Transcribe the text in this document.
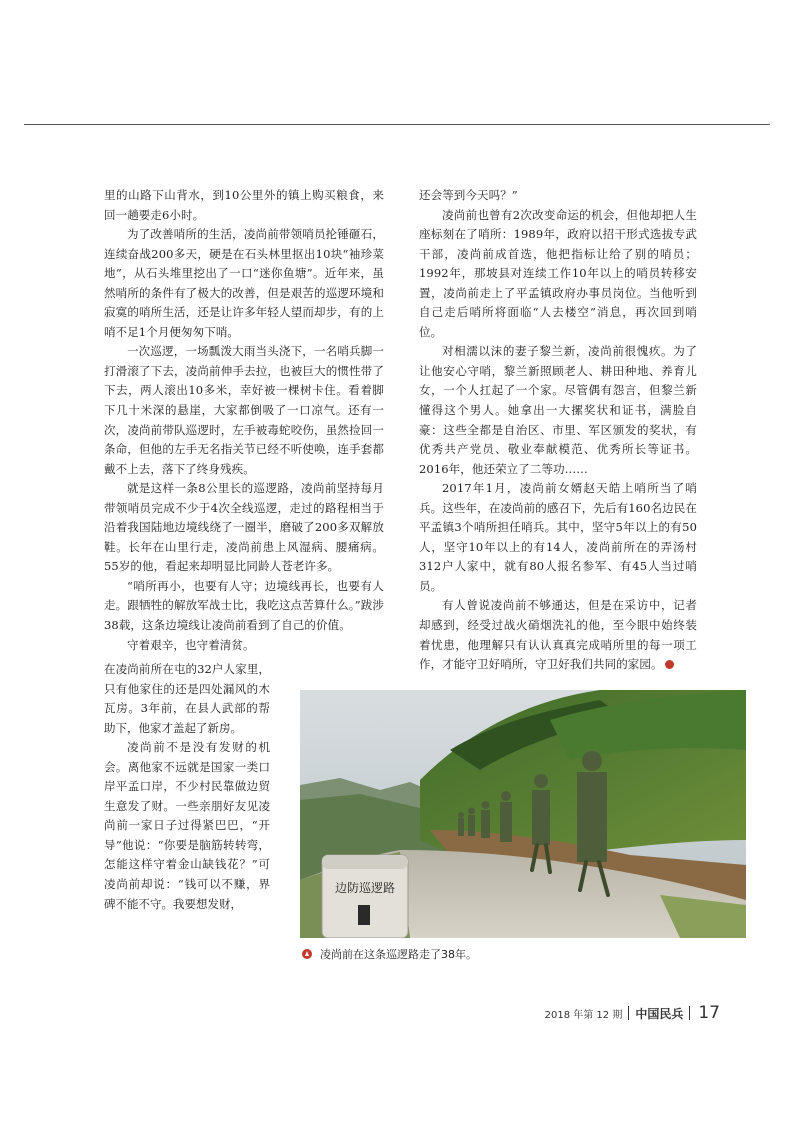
里的山路下山背水，到10公里外的镇上购买粮食，来回一趟要走6小时。

为了改善哨所的生活，凌尚前带领哨员抡锤砸石，连续奋战200多天，硬是在石头林里抠出10块“袖珍菜地”，从石头堆里挖出了一口“迷你鱼塘”。近年来，虽然哨所的条件有了极大的改善，但是艰苦的巡逻环境和寂寞的哨所生活，还是让许多年轻人望而却步，有的上哨不足1个月便匆匆下哨。

一次巡逻，一场瓢泼大雨当头浇下，一名哨兵脚一打滑滚了下去，凌尚前伸手去拉，也被巨大的惯性带了下去，两人滚出10多米，幸好被一棵树卡住。看着脚下几十米深的悬崖，大家都倒吸了一口凉气。还有一次，凌尚前带队巡逻时，左手被毒蛇咬伤，虽然捡回一条命，但他的左手无名指关节已经不听使唤，连手套都戴不上去，落下了终身残疾。

就是这样一条8公里长的巡逻路，凌尚前坚持每月带领哨员完成不少于4次全线巡逻，走过的路程相当于沿着我国陆地边境线绕了一圈半，磨破了200多双解放鞋。长年在山里行走，凌尚前患上风湿病、腰痛病。55岁的他，看起来却明显比同龄人苍老许多。

“哨所再小，也要有人守；边境线再长，也要有人走。跟牺牲的解放军战士比，我吃这点苦算什么。”跋涉38载，这条边境线让凌尚前看到了自己的价值。

守着艰辛，也守着清贫。

在凌尚前所在屯的32户人家里，只有他家住的还是四处漏风的木瓦房。3年前，在县人武部的帮助下，他家才盖起了新房。

凌尚前不是没有发财的机会。离他家不远就是国家一类口岸平孟口岸，不少村民靠做边贸生意发了财。一些亲朋好友见凌尚前一家日子过得紧巴巴，“开导”他说：“你要是脑筋转转弯，怎能这样守着金山缺钱花？”可凌尚前却说：“钱可以不赚，界碑不能不守。我要想发财，

还会等到今天吗？”

凌尚前也曾有2次改变命运的机会，但他却把人生座标刻在了哨所：1989年，政府以招干形式选拔专武干部，凌尚前成首选，他把指标让给了别的哨员；1992年，那坡县对连续工作10年以上的哨员转移安置，凌尚前走上了平孟镇政府办事员岗位。当他听到自己走后哨所将面临“人去楼空”消息，再次回到哨位。

对相濡以沫的妻子黎兰新，凌尚前很愧疚。为了让他安心守哨，黎兰新照顾老人、耕田种地、养育儿女，一个人扛起了一个家。尽管偶有怨言，但黎兰新懂得这个男人。她拿出一大摞奖状和证书，满脸自豪：这些全都是自治区、市里、军区颁发的奖状，有优秀共产党员、敬业奉献模范、优秀所长等证书。2016年，他还荣立了二等功……

2017年1月，凌尚前女婿赵天皓上哨所当了哨兵。这些年，在凌尚前的感召下，先后有160名边民在平孟镇3个哨所担任哨兵。其中，坚守5年以上的有50人，坚守10年以上的有14人，凌尚前所在的弄汤村312户人家中，就有80人报名参军、有45人当过哨员。

有人曾说凌尚前不够通达，但是在采访中，记者却感到，经受过战火硝烟洗礼的他，至今眼中始终装着忧患，他理解只有认认真真完成哨所里的每一项工作，才能守卫好哨所，守卫好我们共同的家园。	Ⓜ

边防巡逻路
凌尚前在这条巡逻路走了38年。
2018 年第 12 期 中国民兵 17
